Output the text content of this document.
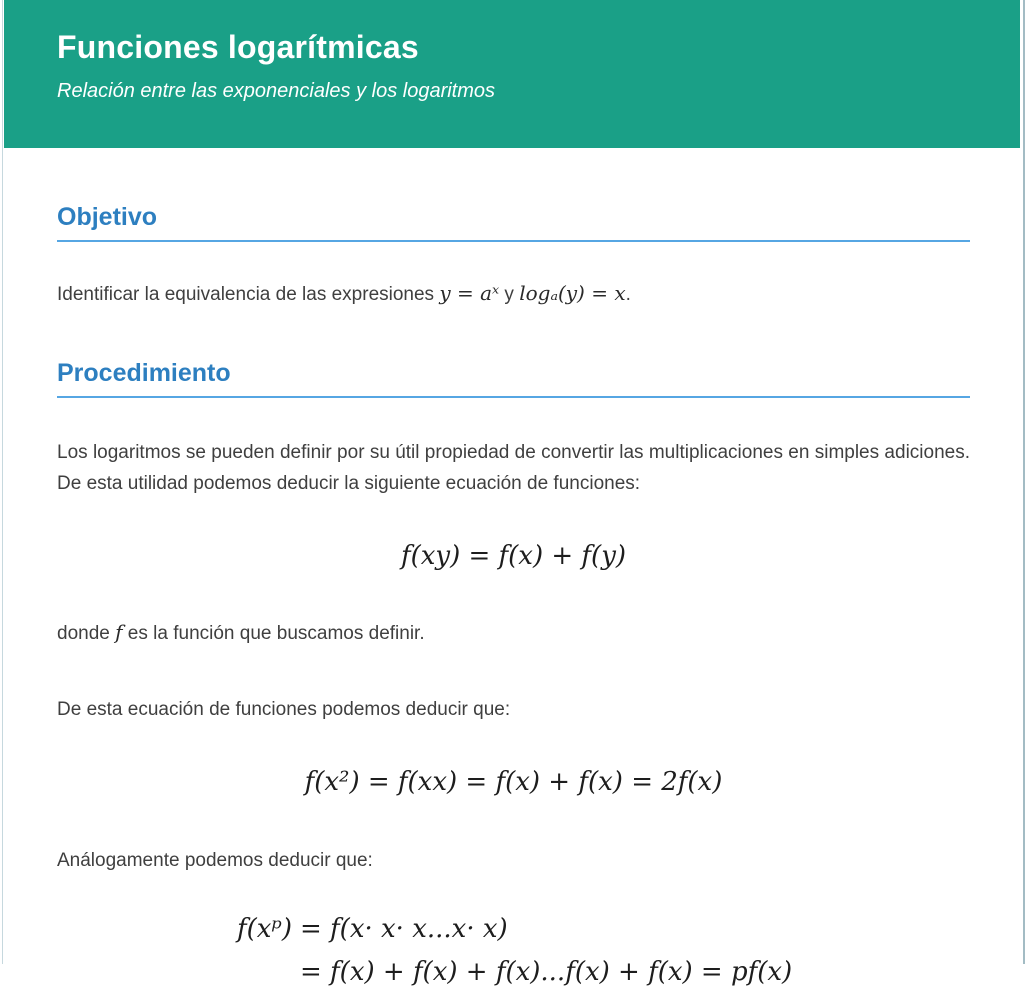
Funciones logarítmicas

Relación entre las exponenciales y los logaritmos

Objetivo

Identificar la equivalencia de las expresiones y = aˣ y logₐ(y) = x.

Procedimiento

Los logaritmos se pueden definir por su útil propiedad de convertir las multiplicaciones en simples adiciones. De esta utilidad podemos deducir la siguiente ecuación de funciones:

f(xy) = f(x) + f(y)

donde f es la función que buscamos definir.

De esta ecuación de funciones podemos deducir que:

f(x²) = f(xx) = f(x) + f(x) = 2f(x)

Análogamente podemos deducir que:

f(xᵖ) = f(x· x· x...x· x)
= f(x) + f(x) + f(x)...f(x) + f(x) = pf(x)
